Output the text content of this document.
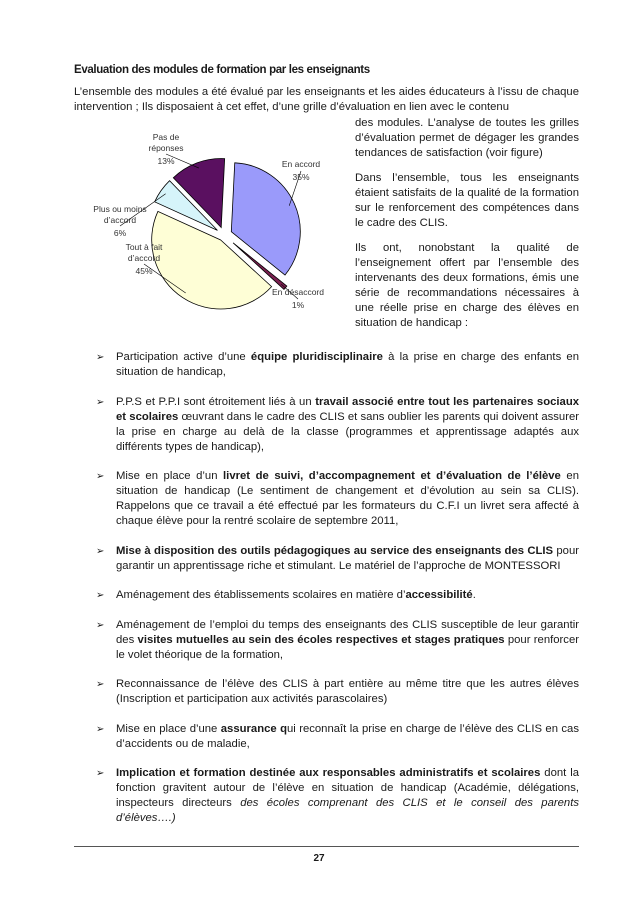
Evaluation des modules de formation par les enseignants
L’ensemble des modules a été évalué par les enseignants et les aides éducateurs à l’issu de chaque intervention ; Ils disposaient à cet effet, d’une grille d’évaluation en lien avec le contenu
En accord 35%
En désaccord 1%
Tout à fait d’accord 45%
Plus ou moins d’accord 6%
Pas de réponses 13%

des modules. L’analyse de toutes les grilles d’évaluation permet de dégager les grandes tendances de satisfaction (voir figure)

Dans l’ensemble, tous les enseignants étaient satisfaits de la qualité de la formation sur le renforcement des compétences dans le cadre des CLIS.

Ils ont, nonobstant la qualité de l’enseignement offert par l’ensemble des intervenants des deux formations, émis une série de recommandations nécessaires à une réelle prise en charge des élèves en situation de handicap :

➢ Participation active d’une équipe pluridisciplinaire à la prise en charge des enfants en situation de handicap,
➢ P.P.S et P.P.I sont étroitement liés à un travail associé entre tout les partenaires sociaux et scolaires œuvrant dans le cadre des CLIS et sans oublier les parents qui doivent assurer la prise en charge au delà de la classe (programmes et apprentissage adaptés aux différents types de handicap),
➢ Mise en place d’un livret de suivi, d’accompagnement et d’évaluation de l’élève en situation de handicap (Le sentiment de changement et d’évolution au sein sa CLIS). Rappelons que ce travail a été effectué par les formateurs du C.F.I un livret sera affecté à chaque élève pour la rentré scolaire de septembre 2011,
➢ Mise à disposition des outils pédagogiques au service des enseignants des CLIS pour garantir un apprentissage riche et stimulant. Le matériel de l’approche de MONTESSORI
➢ Aménagement des établissements scolaires en matière d’accessibilité.
➢ Aménagement de l’emploi du temps des enseignants des CLIS susceptible de leur garantir des visites mutuelles au sein des écoles respectives et stages pratiques pour renforcer le volet théorique de la formation,
➢ Reconnaissance de l’élève des CLIS à part entière au même titre que les autres élèves (Inscription et participation aux activités parascolaires)
➢ Mise en place d’une assurance qui reconnaît la prise en charge de l’élève des CLIS en cas d’accidents ou de maladie,
➢ Implication et formation destinée aux responsables administratifs et scolaires dont la fonction gravitent autour de l’élève en situation de handicap (Académie, délégations, inspecteurs directeurs des écoles comprenant des CLIS et le conseil des parents d’élèves….)
27
